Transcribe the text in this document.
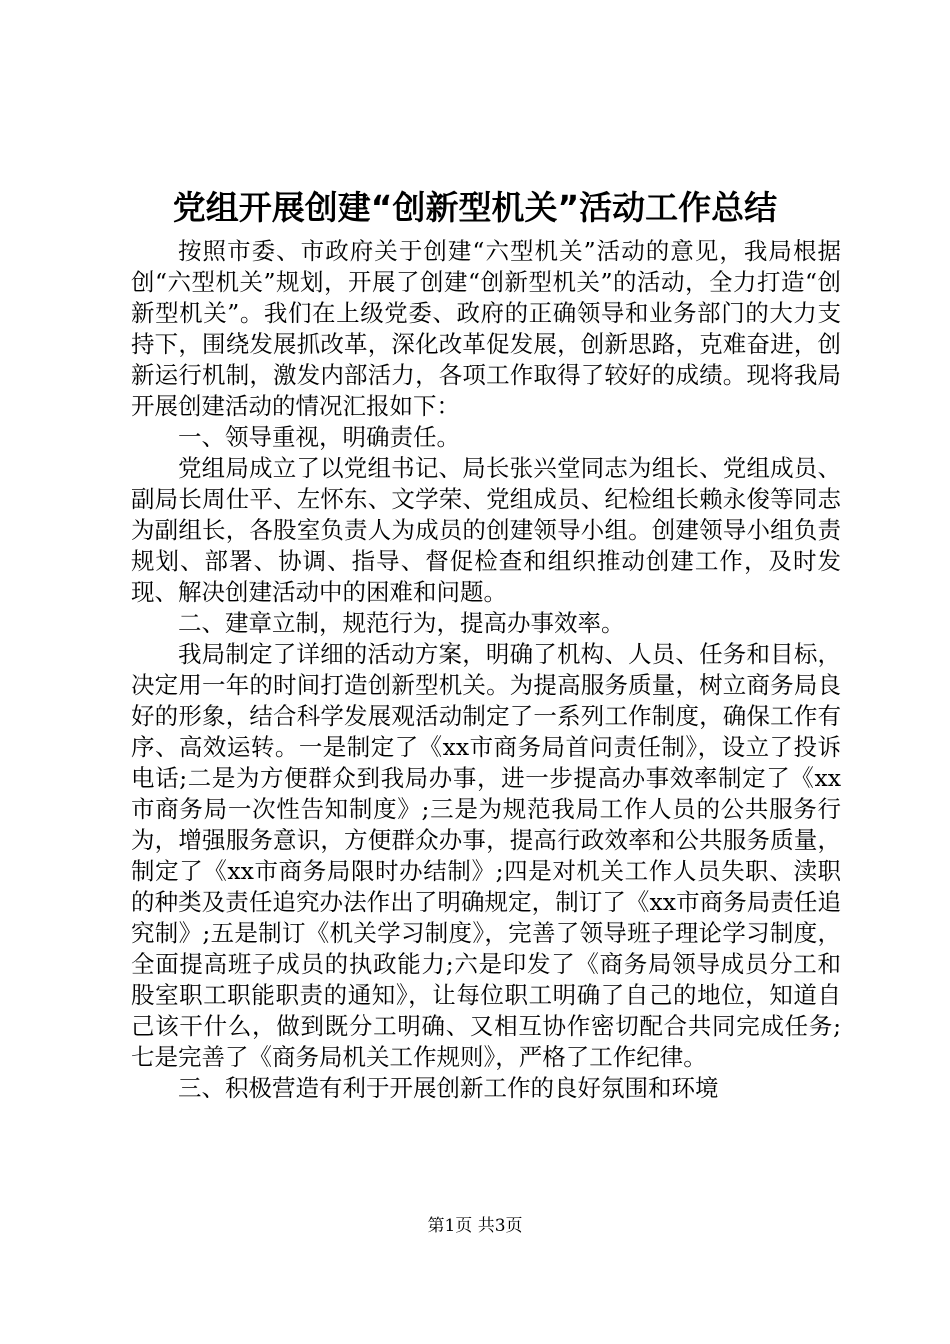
党组开展创建“创新型机关”活动工作总结

按照市委、市政府关于创建“六型机关”活动的意见，我局根据创“六型机关”规划，开展了创建“创新型机关”的活动，全力打造“创新型机关”。我们在上级党委、政府的正确领导和业务部门的大力支持下，围绕发展抓改革，深化改革促发展，创新思路，克难奋进，创新运行机制，激发内部活力，各项工作取得了较好的成绩。现将我局开展创建活动的情况汇报如下：

一、领导重视，明确责任。

党组局成立了以党组书记、局长张兴堂同志为组长、党组成员、副局长周仕平、左怀东、文学荣、党组成员、纪检组长赖永俊等同志为副组长，各股室负责人为成员的创建领导小组。创建领导小组负责规划、部署、协调、指导、督促检查和组织推动创建工作，及时发现、解决创建活动中的困难和问题。

二、建章立制，规范行为，提高办事效率。

我局制定了详细的活动方案，明确了机构、人员、任务和目标，决定用一年的时间打造创新型机关。为提高服务质量，树立商务局良好的形象，结合科学发展观活动制定了一系列工作制度，确保工作有序、高效运转。一是制定了《xx市商务局首问责任制》，设立了投诉电话;二是为方便群众到我局办事，进一步提高办事效率制定了《xx市商务局一次性告知制度》;三是为规范我局工作人员的公共服务行为，增强服务意识，方便群众办事，提高行政效率和公共服务质量，制定了《xx市商务局限时办结制》;四是对机关工作人员失职、渎职的种类及责任追究办法作出了明确规定，制订了《xx市商务局责任追究制》;五是制订《机关学习制度》，完善了领导班子理论学习制度，全面提高班子成员的执政能力;六是印发了《商务局领导成员分工和股室职工职能职责的通知》，让每位职工明确了自己的地位，知道自己该干什么，做到既分工明确、又相互协作密切配合共同完成任务;七是完善了《商务局机关工作规则》，严格了工作纪律。

三、积极营造有利于开展创新工作的良好氛围和环境

第1页 共3页
